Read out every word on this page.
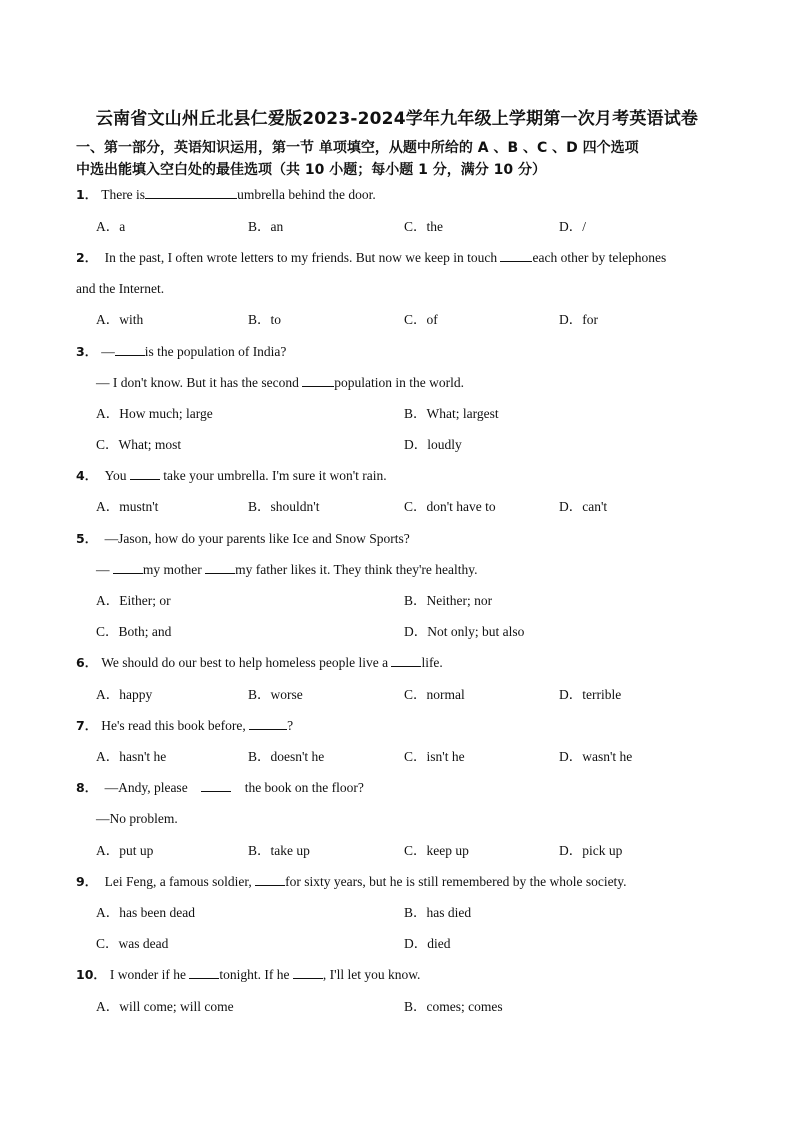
云南省文山州丘北县仁爱版2023-2024学年九年级上学期第一次月考英语试卷
一、第一部分，英语知识运用，第一节 单项填空，从题中所给的 A 、B 、C 、D 四个选项
中选出能填入空白处的最佳选项（共 10 小题；每小题 1 分，满分 10 分）
1． There is	umbrella behind the door.
A．a	B．an	C．the	D．/
2． In the past, I often wrote letters to my friends. But now we keep in touch	each other by telephones
and the Internet.
A．with	B．to	C．of	D．for
3． — is the population of India?
— I don't know. But it has the second	population in the world.
A．How much; large	B．What; largest
C．What; most	D．loudly
4． You	take your umbrella. I'm sure it won't rain.
A．mustn't	B．shouldn't	C．don't have to	D．can't
5． —Jason, how do your parents like Ice and Snow Sports?
— my mother my father likes it. They think they're healthy.
A．Either; or	B．Neither; nor
C．Both; and	D．Not only; but also
6． We should do our best to help homeless people live a life.
A．happy	B．worse	C．normal	D．terrible
7． He's read this book before,	?
A．hasn't he	B．doesn't he	C．isn't he	D．wasn't he
8． —Andy, please	the book on the floor?
—No problem.
A．put up	B．take up	C．keep up	D．pick up
9． Lei Feng, a famous soldier, for sixty years, but he is still remembered by the whole society.
A．has been dead	B．has died
C．was dead	D．died
10． I wonder if he tonight. If he , I'll let you know.
A．will come; will come	B．comes; comes
